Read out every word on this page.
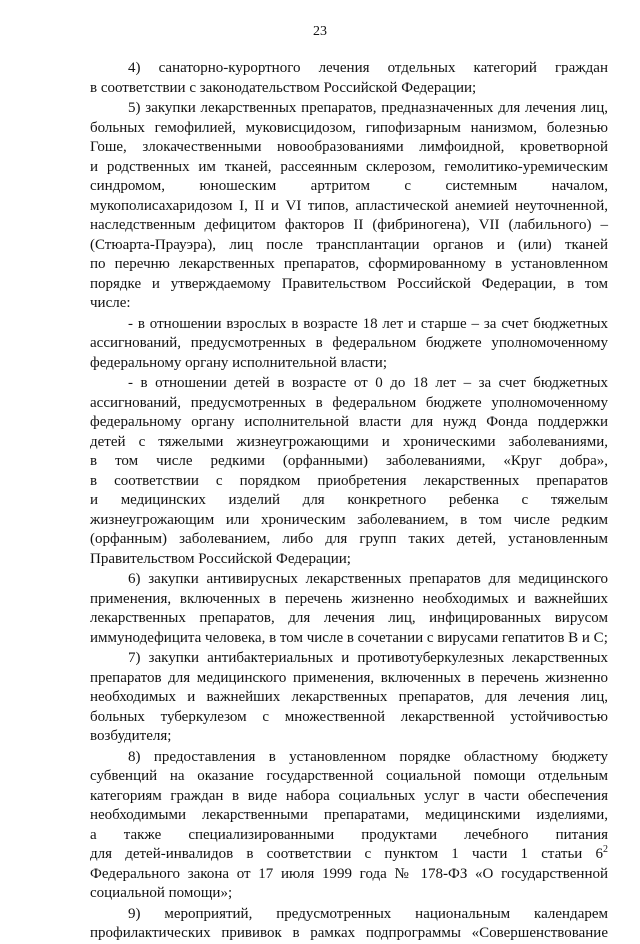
23
4) санаторно-курортного лечения отдельных категорий граждан
в соответствии с законодательством Российской Федерации;
5) закупки лекарственных препаратов, предназначенных для лечения лиц,
больных гемофилией, муковисцидозом, гипофизарным нанизмом, болезнью
Гоше, злокачественными новообразованиями лимфоидной, кроветворной
и родственных им тканей, рассеянным склерозом, гемолитико-уремическим
синдромом, юношеским артритом с системным началом,
мукополисахаридозом I, II и VI типов, апластической анемией неуточненной,
наследственным дефицитом факторов II (фибриногена), VII (лабильного) –
(Стюарта-Прауэра), лиц после трансплантации органов и (или) тканей
по перечню лекарственных препаратов, сформированному в установленном
порядке и утверждаемому Правительством Российской Федерации, в том
числе:
- в отношении взрослых в возрасте 18 лет и старше – за счет бюджетных
ассигнований, предусмотренных в федеральном бюджете уполномоченному
федеральному органу исполнительной власти;
- в отношении детей в возрасте от 0 до 18 лет – за счет бюджетных
ассигнований, предусмотренных в федеральном бюджете уполномоченному
федеральному органу исполнительной власти для нужд Фонда поддержки
детей с тяжелыми жизнеугрожающими и хроническими заболеваниями,
в том числе редкими (орфанными) заболеваниями, «Круг добра»,
в соответствии с порядком приобретения лекарственных препаратов
и медицинских изделий для конкретного ребенка с тяжелым
жизнеугрожающим или хроническим заболеванием, в том числе редким
(орфанным) заболеванием, либо для групп таких детей, установленным
Правительством Российской Федерации;
6) закупки антивирусных лекарственных препаратов для медицинского
применения, включенных в перечень жизненно необходимых и важнейших
лекарственных препаратов, для лечения лиц, инфицированных вирусом
иммунодефицита человека, в том числе в сочетании с вирусами гепатитов В и С;
7) закупки антибактериальных и противотуберкулезных лекарственных
препаратов для медицинского применения, включенных в перечень жизненно
необходимых и важнейших лекарственных препаратов, для лечения лиц,
больных туберкулезом с множественной лекарственной устойчивостью
возбудителя;
8) предоставления в установленном порядке областному бюджету
субвенций на оказание государственной социальной помощи отдельным
категориям граждан в виде набора социальных услуг в части обеспечения
необходимыми лекарственными препаратами, медицинскими изделиями,
а также специализированными продуктами лечебного питания
для детей-инвалидов в соответствии с пунктом 1 части 1 статьи $6^2$
Федерального закона от 17 июля 1999 года № 178-ФЗ «О государственной
социальной помощи»;
9) мероприятий, предусмотренных национальным календарем
профилактических прививок в рамках подпрограммы «Совершенствование
